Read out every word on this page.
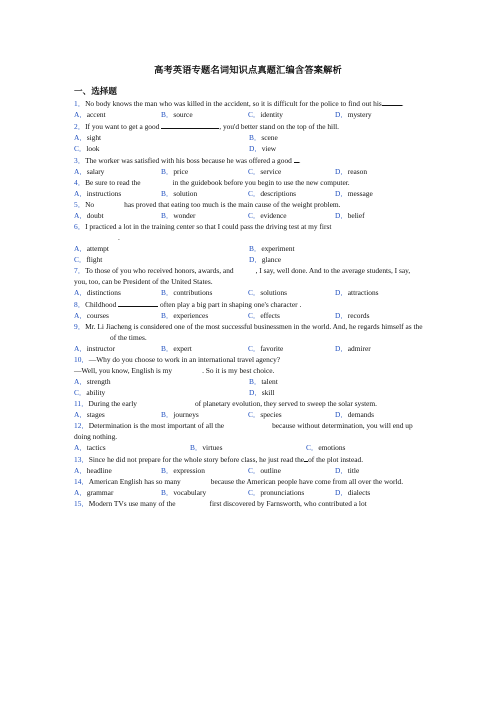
高考英语专题名词知识点真题汇编含答案解析
一、选择题
1．No body knows the man who was killed in the accident, so it is difficult for the police to find out his	.
A．accent	B．source	C．identity	D．mystery
2．If you want to get a good	, you'd better stand on the top of the hill.
A．sight	B．scene
C．look	D．view
3．The worker was satisfied with his boss because he was offered a good .
A．salary	B．price	C．service	D．reason
4．Be sure to read the	in the guidebook before you begin to use the new computer.
A．instructions	B．solution	C．descriptions	D．message
5．No	has proved that eating too much is the main cause of the weight problem.
A．doubt	B．wonder	C．evidence	D．belief
6．I practiced a lot in the training center so that I could pass the driving test at my first
.
A．attempt	B．experiment
C．flight	D．glance
7．To those of you who received honors, awards, and	, I say, well done. And to the average students, I say, you, too, can be President of the United States.
A．distinctions	B．contributions	C．solutions	D．attractions
8．Childhood	often play a big part in shaping one's character .
A．courses	B．experiences	C．effects	D．records
9．Mr. Li Jiacheng is considered one of the most successful businessmen in the world. And, he regards himself as theof the times.
A．instructor	B．expert	C．favorite	D．admirer
10．—Why do you choose to work in an international travel agency?
—Well, you know, English is my	. So it is my best choice.
A．strength	B．talent
C．ability	D．skill
11．During the early	of planetary evolution, they served to sweep the solar system.
A．stages	B．journeys	C．species	D．demands
12．Determination is the most important of all the	because without determination, you will end up doing nothing.
A．tactics	B．virtues	C．emotions
13．Since he did not prepare for the whole story before class, he just read the of the plot instead.
A．headline	B．expression	C．outline	D．title
14．American English has so many	because the American people have come from all over the world.
A．grammar	B．vocabulary	C．pronunciations	D．dialects
15．Modern TVs use many of the	first discovered by Farnsworth, who contributed a lot
